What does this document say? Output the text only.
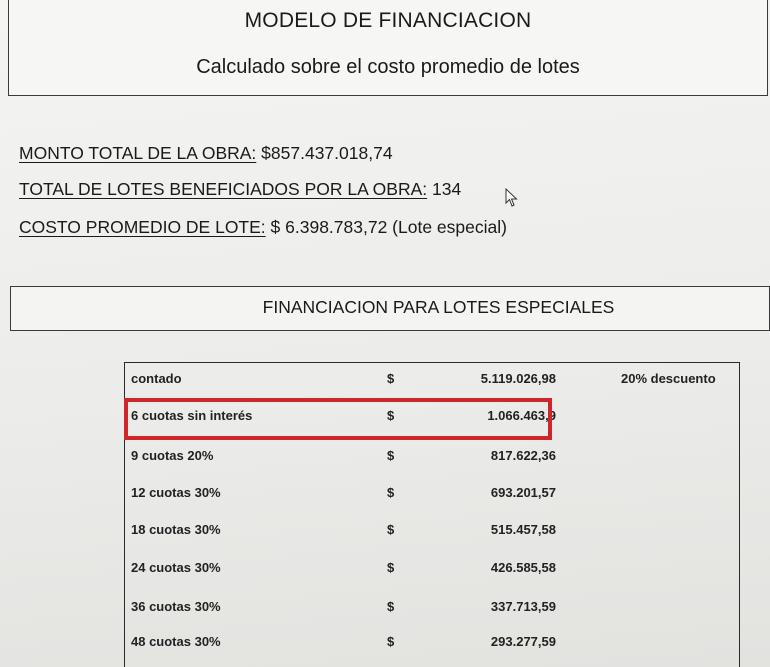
MODELO DE FINANCIACION
Calculado sobre el costo promedio de lotes
MONTO TOTAL DE LA OBRA: $857.437.018,74
TOTAL DE LOTES BENEFICIADOS POR LA OBRA: 134
COSTO PROMEDIO DE LOTE: $ 6.398.783,72 (Lote especial)
FINANCIACION PARA LOTES ESPECIALES
contado	$	5.119.026,98	20% descuento
6 cuotas sin interés	$	1.066.463,9
9 cuotas 20%	$	817.622,36
12 cuotas 30%	$	693.201,57
18 cuotas 30%	$	515.457,58
24 cuotas 30%	$	426.585,58
36 cuotas 30%	$	337.713,59
48 cuotas 30%	$	293.277,59
